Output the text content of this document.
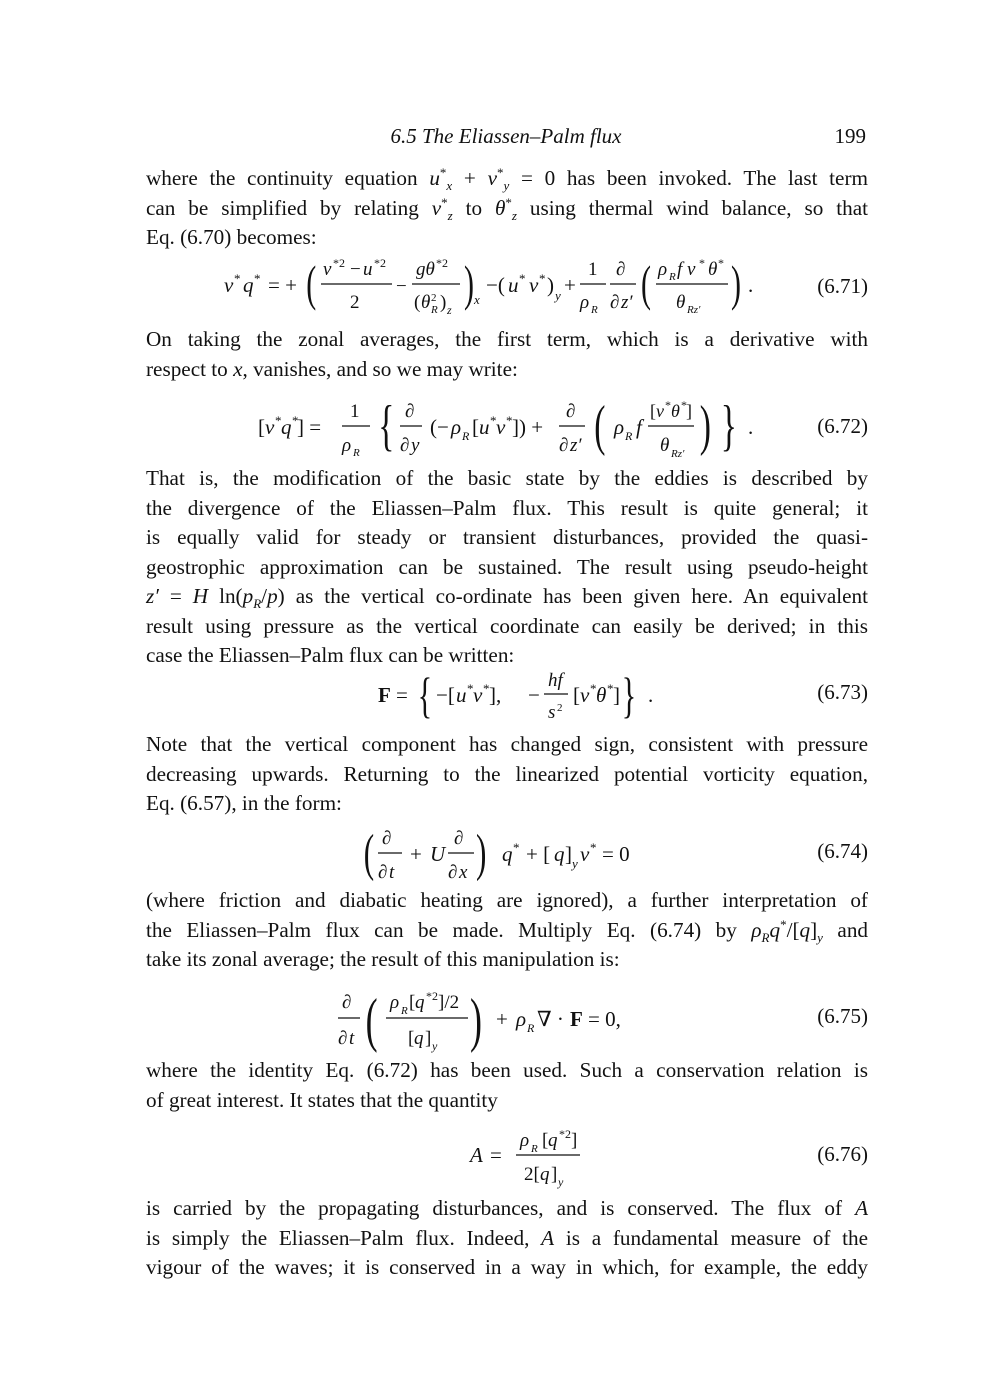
6.5 The Eliassen–Palm flux	199
where the continuity equation $u^*_x + v^*_y = 0$ has been invoked. The last term
can be simplified by relating $v^*_z$ to $\theta^*_z$ using thermal wind balance, so that
Eq. (6.70) becomes:
v * q * = + ( v *2 − u *2
2
−
gθ *2
( θ 2
R ) z ) x
−( u * v * ) y +
1
ρ R
∂
∂ z′ ( ρ R f v * θ *
θ Rz′ ) .	(6.71)
On taking the zonal averages, the first term, which is a derivative with
respect to x, vanishes, and so we may write:
[ v * q *
] =
1
ρ R { ∂
∂ y
(− ρ R [ u * v * ]) +
∂
∂ z′ ( ρ R f
[ v * θ * ]
θ Rz′ ) } .	(6.72)
That is, the modification of the basic state by the eddies is described by
the divergence of the Eliassen–Palm flux. This result is quite general; it
is equally valid for steady or transient disturbances, provided the quasi-
geostrophic approximation can be sustained. The result using pseudo-height
z′ = H $\ln(p_R/p)$ as the vertical co-ordinate has been given here. An equivalent
result using pressure as the vertical coordinate can easily be derived; in this
case the Eliassen–Palm flux can be written:
F = { −[ u * v * ], −
hf
s 2
[ v * θ * ] } .	(6.73)
Note that the vertical component has changed sign, consistent with pressure
decreasing upwards. Returning to the linearized potential vorticity equation,
Eq. (6.57), in the form:
( ∂
∂ t
+ U
∂
∂ x ) q * + [ q ] y v * = 0	(6.74)
(where friction and diabatic heating are ignored), a further interpretation of
the Eliassen–Palm flux can be made. Multiply Eq. (6.74) by $\rho_Rq^*/[q]_y$ and
take its zonal average; the result of this manipulation is:
∂
∂ t ( ρ R [ q *2 ]/2
[ q ] y ) + ρ R ∇ · F = 0,	(6.75)
where the identity Eq. (6.72) has been used. Such a conservation relation is
of great interest. It states that the quantity
A =
ρ R [ q *2 ]
2[ q ] y
(6.76)
is carried by the propagating disturbances, and is conserved. The flux of A
is simply the Eliassen–Palm flux. Indeed, A is a fundamental measure of the
vigour of the waves; it is conserved in a way in which, for example, the eddy
